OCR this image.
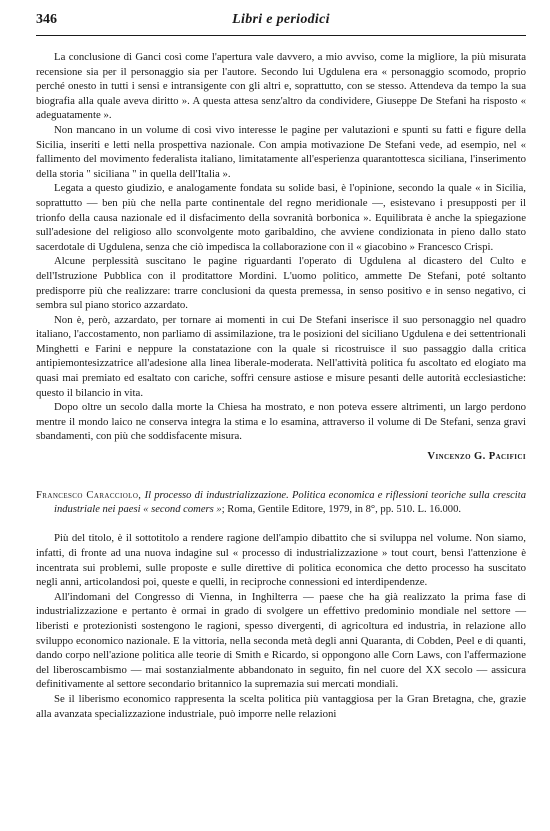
346	Libri e periodici

La conclusione di Ganci così come l'apertura vale davvero, a mio avviso, come la migliore, la più misurata recensione sia per il personaggio sia per l'autore. Secondo lui Ugdulena era « personaggio scomodo, proprio perché onesto in tutti i sensi e intransigente con gli altri e, soprattutto, con se stesso. Attendeva da tempo la sua biografia alla quale aveva diritto ». A questa attesa senz'altro da condividere, Giuseppe De Stefani ha risposto « adeguatamente ».

Non mancano in un volume di così vivo interesse le pagine per valutazioni e spunti su fatti e figure della Sicilia, inseriti e letti nella prospettiva nazionale. Con ampia motivazione De Stefani vede, ad esempio, nel « fallimento del movimento federalista italiano, limitatamente all'esperienza quarantottesca siciliana, l'inserimento della storia " siciliana " in quella dell'Italia ».

Legata a questo giudizio, e analogamente fondata su solide basi, è l'opinione, secondo la quale « in Sicilia, soprattutto — ben più che nella parte continentale del regno meridionale —, esistevano i presupposti per il trionfo della causa nazionale ed il disfacimento della sovranità borbonica ». Equilibrata è anche la spiegazione sull'adesione del religioso allo sconvolgente moto garibaldino, che avviene condizionata in pieno dallo stato sacerdotale di Ugdulena, senza che ciò impedisca la collaborazione con il « giacobino » Francesco Crispi.

Alcune perplessità suscitano le pagine riguardanti l'operato di Ugdulena al dicastero del Culto e dell'Istruzione Pubblica con il proditattore Mordini. L'uomo politico, ammette De Stefani, poté soltanto predisporre più che realizzare: trarre conclusioni da questa premessa, in senso positivo e in senso negativo, ci sembra sul piano storico azzardato.

Non è, però, azzardato, per tornare ai momenti in cui De Stefani inserisce il suo personaggio nel quadro italiano, l'accostamento, non parliamo di assimilazione, tra le posizioni del siciliano Ugdulena e dei settentrionali Minghetti e Farini e neppure la constatazione con la quale si ricostruisce il suo passaggio dalla critica antipiemontesizzatrice all'adesione alla linea liberale-moderata. Nell'attività politica fu ascoltato ed elogiato ma quasi mai premiato ed esaltato con cariche, soffrì censure astiose e misure pesanti delle autorità ecclesiastiche: questo il bilancio in vita.

Dopo oltre un secolo dalla morte la Chiesa ha mostrato, e non poteva essere altrimenti, un largo perdono mentre il mondo laico ne conserva integra la stima e lo esamina, attraverso il volume di De Stefani, senza gravi sbandamenti, con più che soddisfacente misura.

Vincenzo G. Pacifici
Francesco Caracciolo, Il processo di industrializzazione. Politica economica e riflessioni teoriche sulla crescita industriale nei paesi « second comers »; Roma, Gentile Editore, 1979, in 8°, pp. 510. L. 16.000.

Più del titolo, è il sottotitolo a rendere ragione dell'ampio dibattito che si sviluppa nel volume. Non siamo, infatti, di fronte ad una nuova indagine sul « processo di industrializzazione » tout court, bensì l'attenzione è incentrata sui problemi, sulle proposte e sulle direttive di politica economica che detto processo ha suscitato negli anni, articolandosi poi, queste e quelli, in reciproche connessioni ed interdipendenze.

All'indomani del Congresso di Vienna, in Inghilterra — paese che ha già realizzato la prima fase di industrializzazione e pertanto è ormai in grado di svolgere un effettivo predominio mondiale nel settore — liberisti e protezionisti sostengono le ragioni, spesso divergenti, di agricoltura ed industria, in relazione allo sviluppo economico nazionale. E la vittoria, nella seconda metà degli anni Quaranta, di Cobden, Peel e di quanti, dando corpo nell'azione politica alle teorie di Smith e Ricardo, si oppongono alle Corn Laws, con l'affermazione del liberoscambismo — mai sostanzialmente abbandonato in seguito, fin nel cuore del XX secolo — assicura definitivamente al settore secondario britannico la supremazia sui mercati mondiali.

Se il liberismo economico rappresenta la scelta politica più vantaggiosa per la Gran Bretagna, che, grazie alla avanzata specializzazione industriale, può imporre nelle relazioni
